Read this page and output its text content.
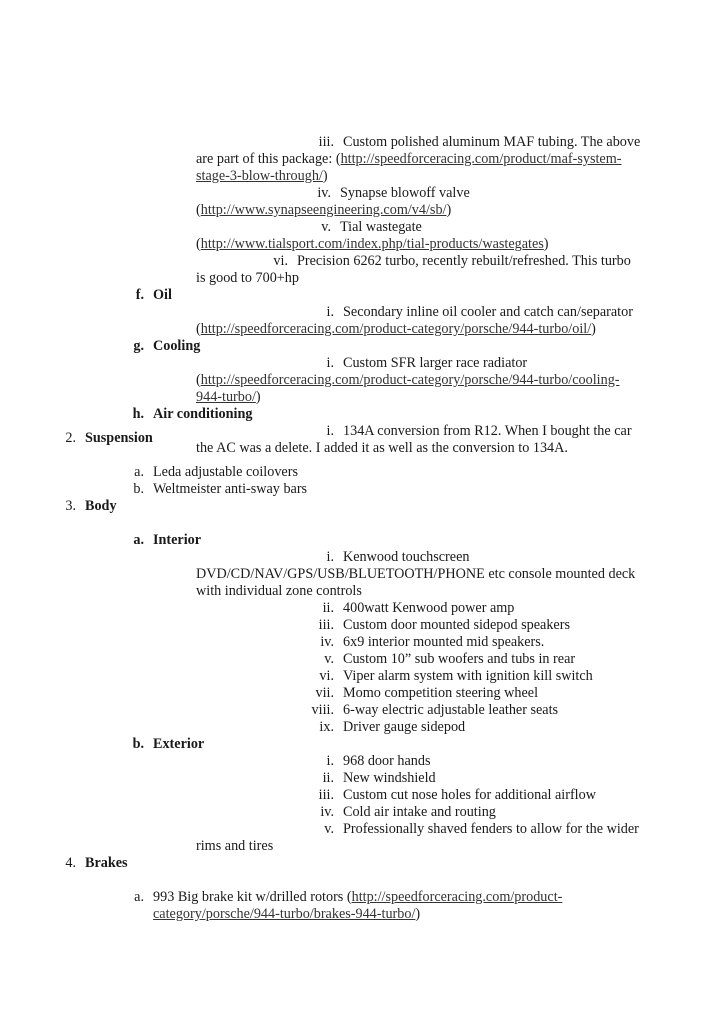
iii. Custom polished aluminum MAF tubing. The above
are part of this package: (http://speedforceracing.com/product/maf-system-
stage-3-blow-through/)
iv. Synapse blowoff valve
(http://www.synapseengineering.com/v4/sb/)
v. Tial wastegate
(http://www.tialsport.com/index.php/tial-products/wastegates)
vi. Precision 6262 turbo, recently rebuilt/refreshed. This turbo
is good to 700+hp
f. Oil
i. Secondary inline oil cooler and catch can/separator
(http://speedforceracing.com/product-category/porsche/944-turbo/oil/)
g. Cooling
i. Custom SFR larger race radiator
(http://speedforceracing.com/product-category/porsche/944-turbo/cooling-
944-turbo/)
h. Air conditioning
i. 134A conversion from R12. When I bought the car
the AC was a delete. I added it as well as the conversion to 134A.
2. Suspension
a. Leda adjustable coilovers
b. Weltmeister anti-sway bars
3. Body
a. Interior
i. Kenwood touchscreen
DVD/CD/NAV/GPS/USB/BLUETOOTH/PHONE etc console mounted deck
with individual zone controls
ii. 400watt Kenwood power amp
iii. Custom door mounted sidepod speakers
iv. 6x9 interior mounted mid speakers.
v. Custom 10” sub woofers and tubs in rear
vi. Viper alarm system with ignition kill switch
vii. Momo competition steering wheel
viii. 6-way electric adjustable leather seats
ix. Driver gauge sidepod
b. Exterior
i. 968 door hands
ii. New windshield
iii. Custom cut nose holes for additional airflow
iv. Cold air intake and routing
v. Professionally shaved fenders to allow for the wider
rims and tires
4. Brakes
a. 993 Big brake kit w/drilled rotors (http://speedforceracing.com/product-
category/porsche/944-turbo/brakes-944-turbo/)
